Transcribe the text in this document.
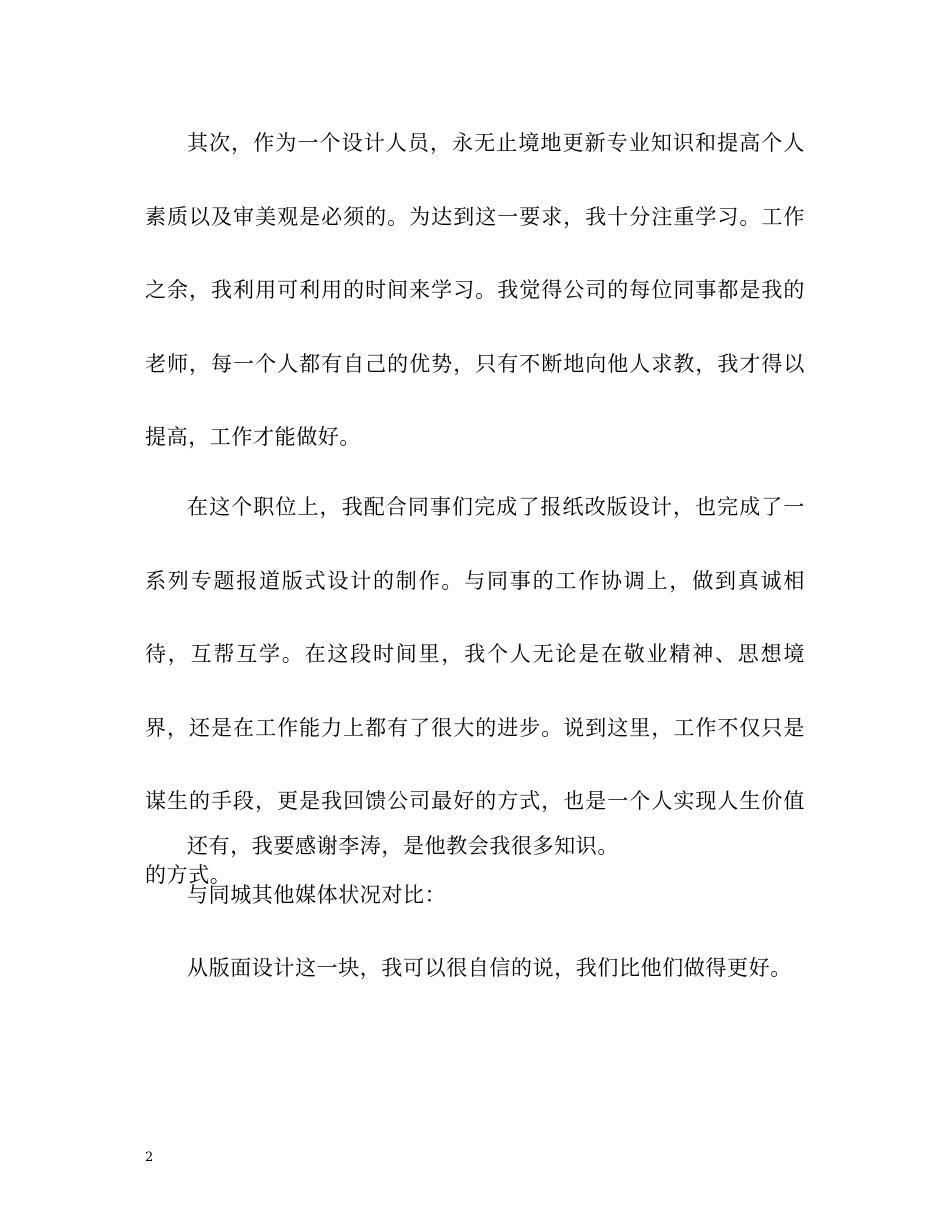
其次，作为一个设计人员，永无止境地更新专业知识和提高个人素质以及审美观是必须的。为达到这一要求，我十分注重学习。工作之余，我利用可利用的时间来学习。我觉得公司的每位同事都是我的老师，每一个人都有自己的优势，只有不断地向他人求教，我才得以提高，工作才能做好。

在这个职位上，我配合同事们完成了报纸改版设计，也完成了一系列专题报道版式设计的制作。与同事的工作协调上，做到真诚相待，互帮互学。在这段时间里，我个人无论是在敬业精神、思想境界，还是在工作能力上都有了很大的进步。说到这里，工作不仅只是谋生的手段，更是我回馈公司最好的方式，也是一个人实现人生价值的方式。

还有，我要感谢李涛，是他教会我很多知识。

与同城其他媒体状况对比：

从版面设计这一块，我可以很自信的说，我们比他们做得更好。

2
